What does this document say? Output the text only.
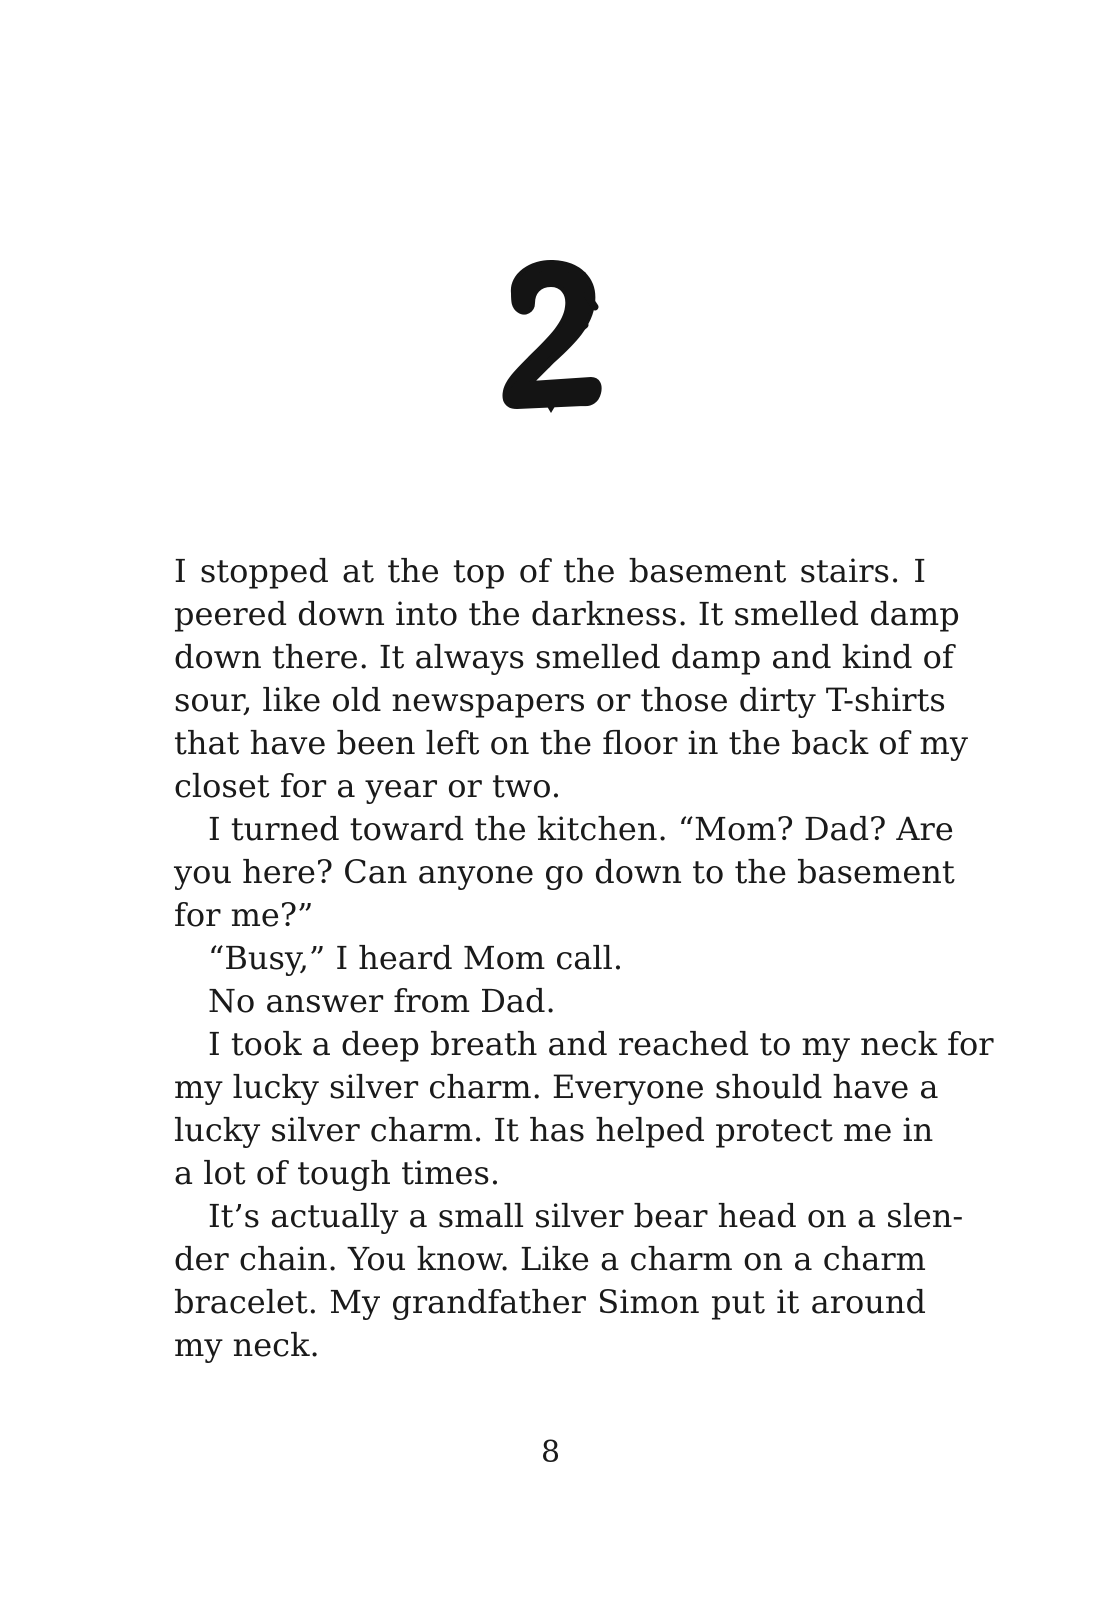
I stopped at the top of the basement stairs. I
peered down into the darkness. It smelled damp
down there. It always smelled damp and kind of
sour, like old newspapers or those dirty T-shirts
that have been left on the floor in the back of my
closet for a year or two.
I turned toward the kitchen. “Mom? Dad? Are
you here? Can anyone go down to the basement
for me?”
“Busy,” I heard Mom call.
No answer from Dad.
I took a deep breath and reached to my neck for
my lucky silver charm. Everyone should have a
lucky silver charm. It has helped protect me in
a lot of tough times.
It’s actually a small silver bear head on a slen-
der chain. You know. Like a charm on a charm
bracelet. My grandfather Simon put it around
my neck.
8
